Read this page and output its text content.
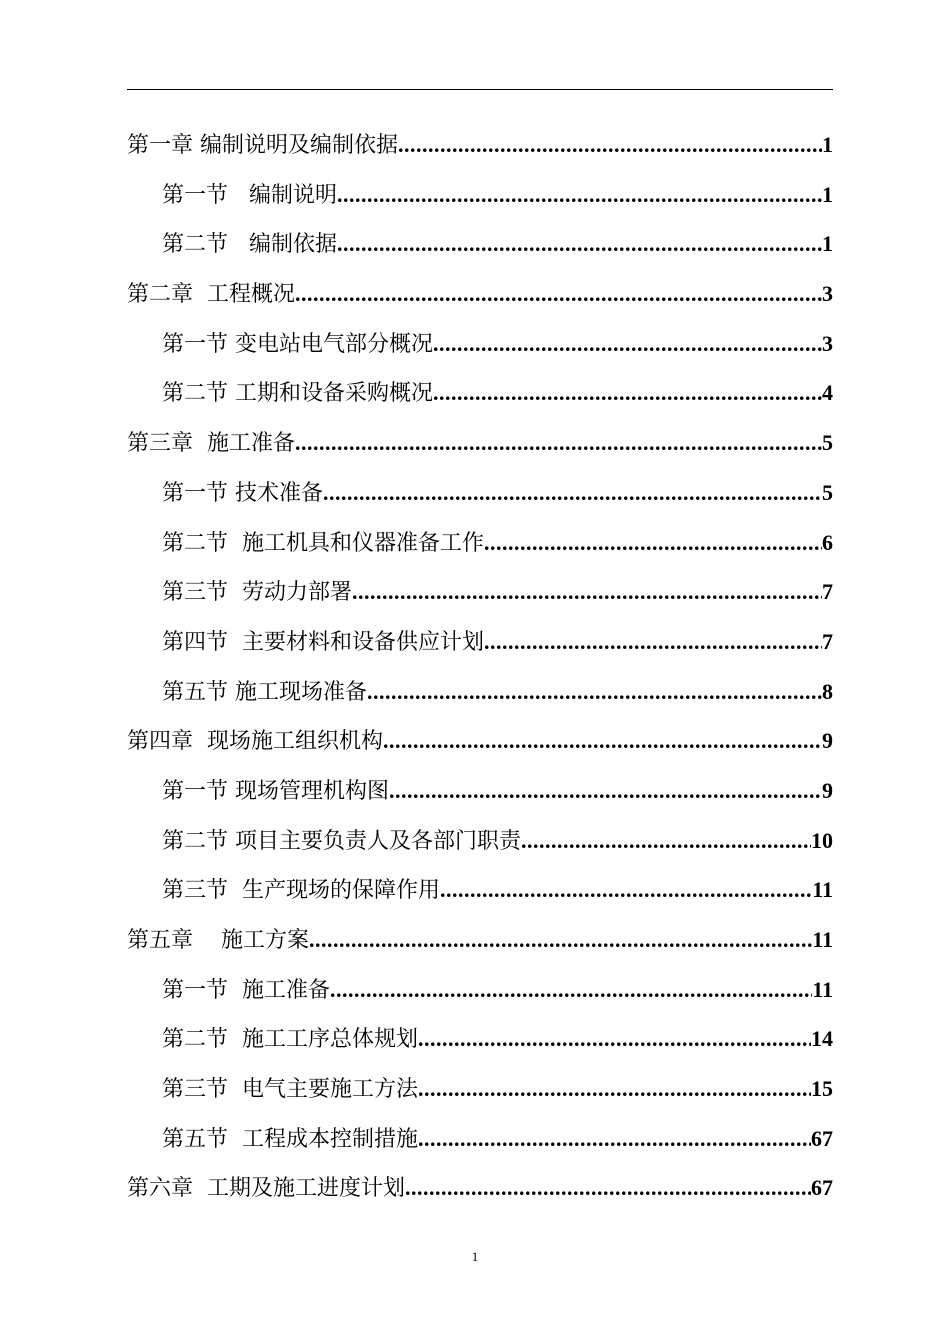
第一章 编制说明及编制依据 .....	1
第一节   编制说明 .....	1
第二节   编制依据 .....	1
第二章  工程概况 .....	3
第一节 变电站电气部分概况 .....	3
第二节 工期和设备采购概况 .....	4
第三章  施工准备 .....	5
第一节 技术准备 .....	5
第二节  施工机具和仪器准备工作 .....	6
第三节  劳动力部署 .....	7
第四节  主要材料和设备供应计划 .....	7
第五节 施工现场准备 .....	8
第四章  现场施工组织机构 .....	9
第一节 现场管理机构图 .....	9
第二节 项目主要负责人及各部门职责 .....	10
第三节  生产现场的保障作用 .....	11
第五章    施工方案 .....	11
第一节  施工准备 .....	11
第二节  施工工序总体规划 .....	14
第三节  电气主要施工方法 .....	15
第五节  工程成本控制措施 .....	67
第六章  工期及施工进度计划 .....	67
1
